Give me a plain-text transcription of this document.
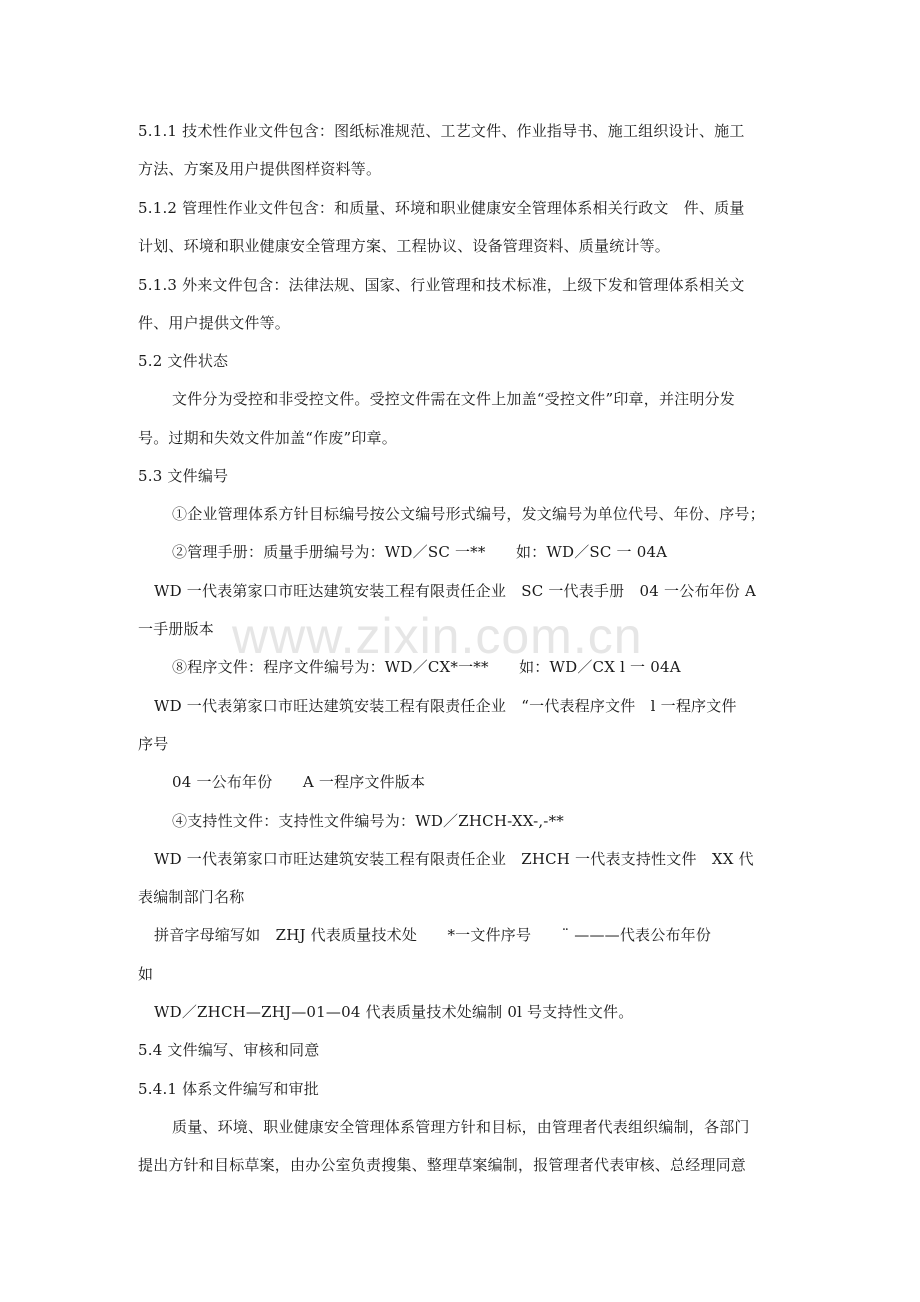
www.zixin.com.cn
5.1.1 技术性作业文件包含：图纸标准规范、工艺文件、作业指导书、施工组织设计、施工
方法、方案及用户提供图样资料等。
5.1.2 管理性作业文件包含：和质量、环境和职业健康安全管理体系相关行政文　件、质量
计划、环境和职业健康安全管理方案、工程协议、设备管理资料、质量统计等。
5.1.3 外来文件包含：法律法规、国家、行业管理和技术标准，上级下发和管理体系相关文
件、用户提供文件等。
5.2 文件状态
文件分为受控和非受控文件。受控文件需在文件上加盖“受控文件”印章，并注明分发
号。过期和失效文件加盖“作废”印章。
5.3 文件编号
①企业管理体系方针目标编号按公文编号形式编号，发文编号为单位代号、年份、序号；
②管理手册：质量手册编号为：WD／SC 一**　　如：WD／SC 一 04A
WD 一代表第家口市旺达建筑安装工程有限责任企业　SC 一代表手册　04 一公布年份 A
一手册版本
⑧程序文件：程序文件编号为：WD／CX*一**　　如：WD／CX l 一 04A
WD 一代表第家口市旺达建筑安装工程有限责任企业　“一代表程序文件　l 一程序文件
序号
04 一公布年份　　A 一程序文件版本
④支持性文件：支持性文件编号为：WD／ZHCH-XX-,-**
WD 一代表第家口市旺达建筑安装工程有限责任企业　ZHCH 一代表支持性文件　XX 代
表编制部门名称
拼音字母缩写如　ZHJ 代表质量技术处　　*一文件序号　　¨ ———代表公布年份
如
WD／ZHCH—ZHJ—01—04 代表质量技术处编制 0l 号支持性文件。
5.4 文件编写、审核和同意
5.4.1 体系文件编写和审批
质量、环境、职业健康安全管理体系管理方针和目标，由管理者代表组织编制，各部门
提出方针和目标草案，由办公室负责搜集、整理草案编制，报管理者代表审核、总经理同意
